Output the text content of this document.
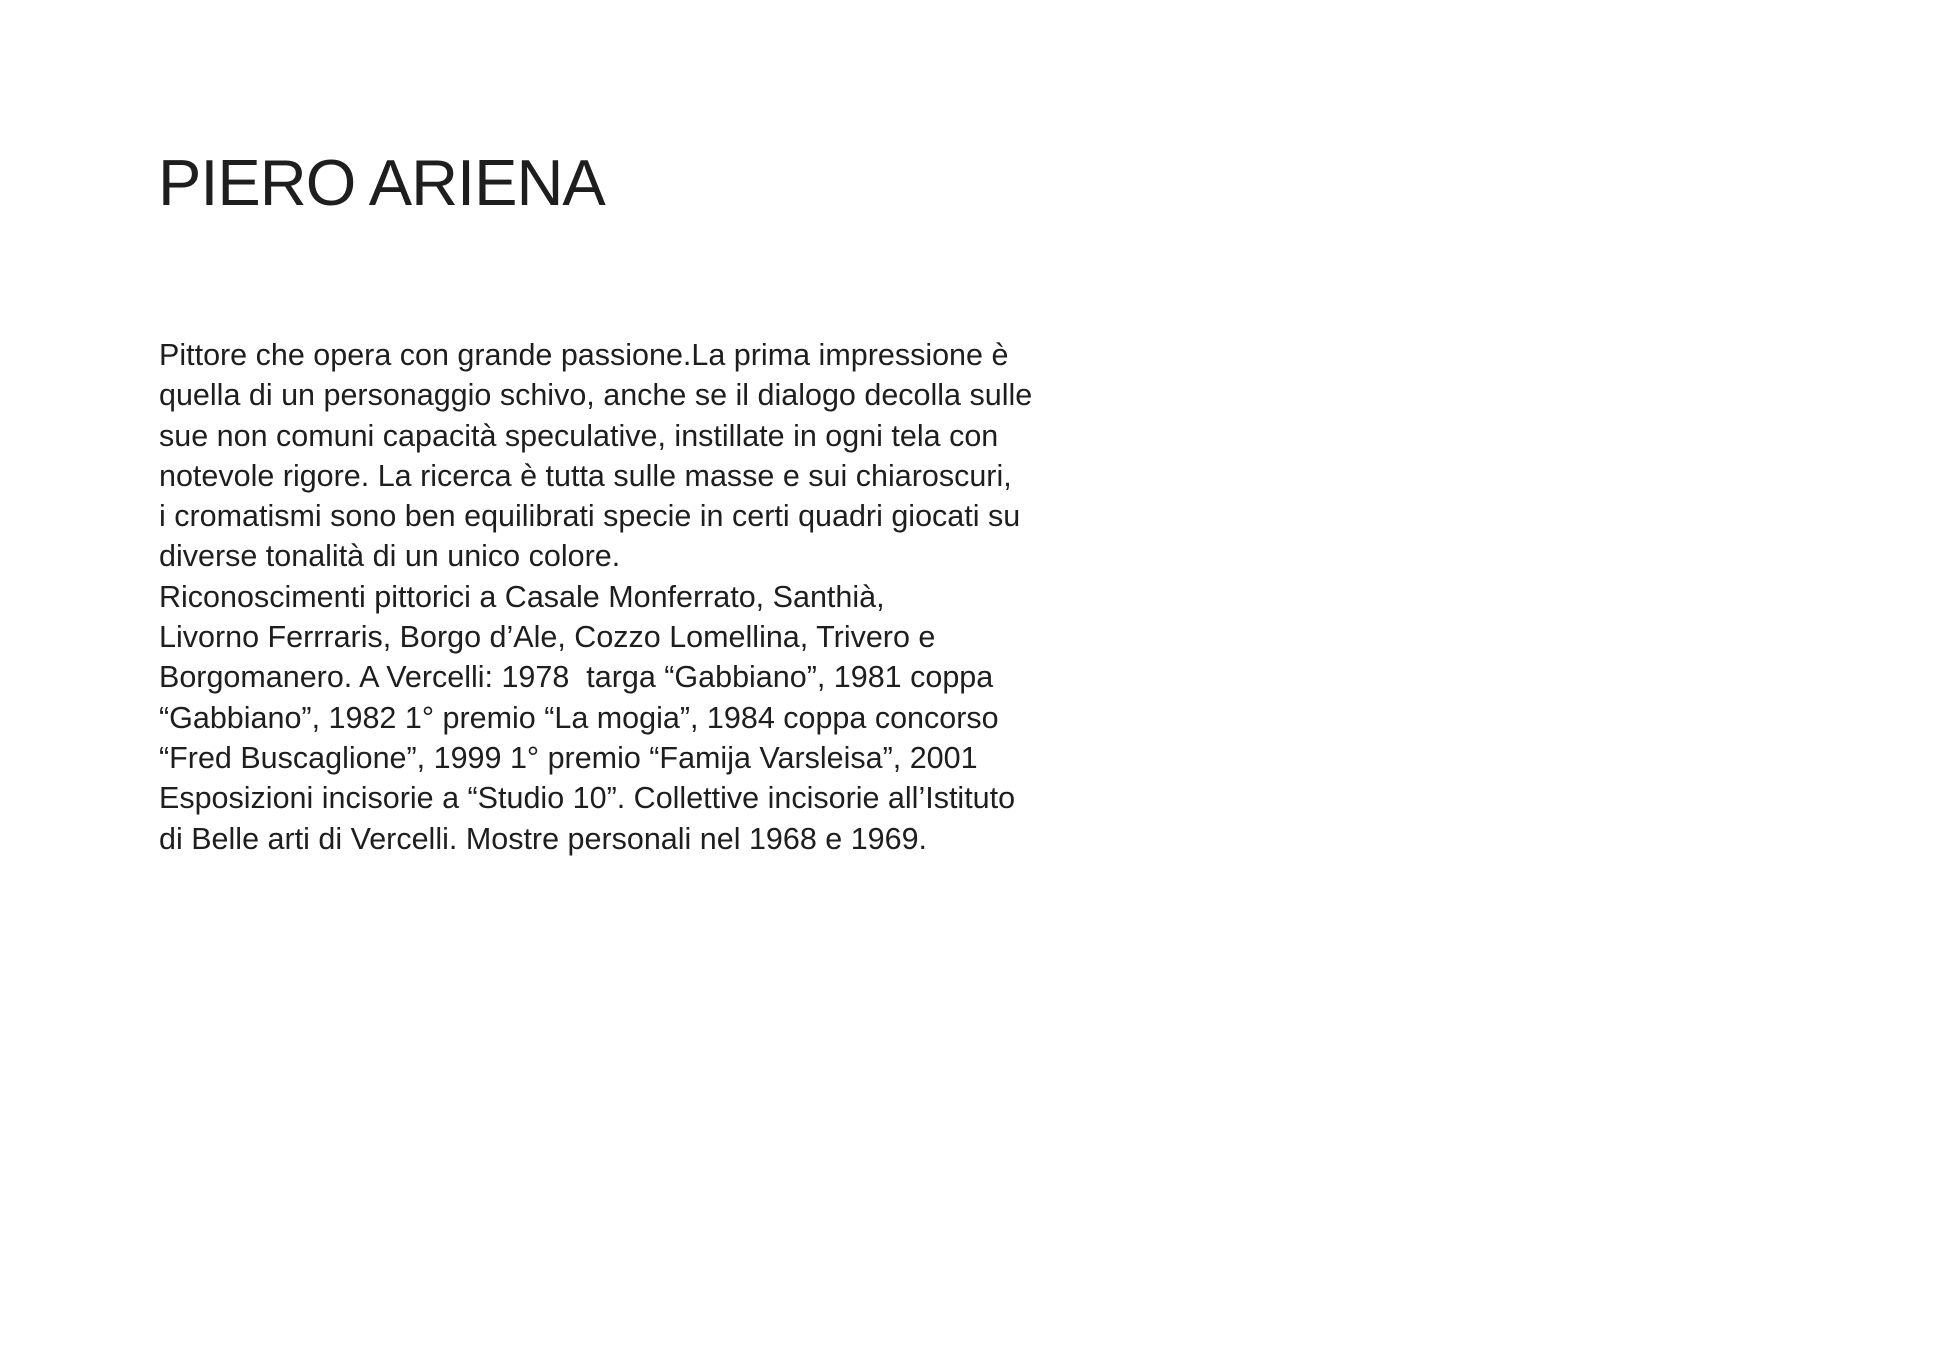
PIERO ARIENA
Pittore che opera con grande passione.La prima impressione è
quella di un personaggio schivo, anche se il dialogo decolla sulle
sue non comuni capacità speculative, instillate in ogni tela con
notevole rigore. La ricerca è tutta sulle masse e sui chiaroscuri,
i cromatismi sono ben equilibrati specie in certi quadri giocati su
diverse tonalità di un unico colore.
Riconoscimenti pittorici a Casale Monferrato, Santhià,
Livorno Ferrraris, Borgo d’Ale, Cozzo Lomellina, Trivero e
Borgomanero. A Vercelli: 1978  targa “Gabbiano”, 1981 coppa
“Gabbiano”, 1982 1° premio “La mogia”, 1984 coppa concorso
“Fred Buscaglione”, 1999 1° premio “Famija Varsleisa”, 2001
Esposizioni incisorie a “Studio 10”. Collettive incisorie all’Istituto
di Belle arti di Vercelli. Mostre personali nel 1968 e 1969.
